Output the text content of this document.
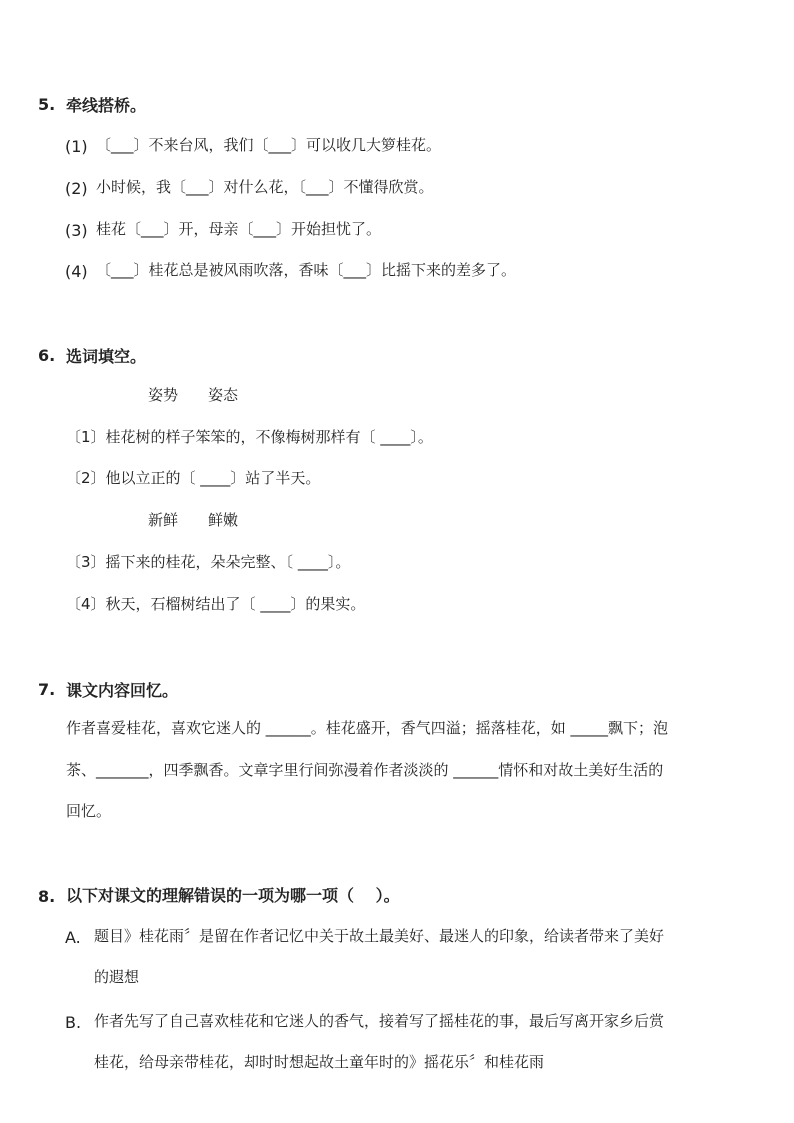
5. 牵线搭桥。
(1) 〔___〕不来台风，我们〔___〕可以收几大箩桂花。
(2) 小时候，我〔___〕对什么花，〔___〕不懂得欣赏。
(3) 桂花〔___〕开，母亲〔___〕开始担忧了。
(4) 〔___〕桂花总是被风雨吹落，香味〔___〕比摇下来的差多了。
6. 选词填空。
姿势　　姿态
〔1〕桂花树的样子笨笨的，不像梅树那样有〔 ____〕。
〔2〕他以立正的〔 ____〕站了半天。
新鲜　　鲜嫩
〔3〕摇下来的桂花，朵朵完整、〔 ____〕。
〔4〕秋天，石榴树结出了〔 ____〕的果实。
7. 课文内容回忆。
作者喜爱桂花，喜欢它迷人的 ______。桂花盛开，香气四溢；摇落桂花，如 _____飘下；泡
茶、_______，四季飘香。文章字里行间弥漫着作者淡淡的 ______情怀和对故土美好生活的
回忆。
8. 以下对课文的理解错误的一项为哪一项（　 ）。
A. 题目》桂花雨〞是留在作者记忆中关于故土最美好、最迷人的印象，给读者带来了美好
的遐想
B. 作者先写了自己喜欢桂花和它迷人的香气，接着写了摇桂花的事，最后写离开家乡后赏
桂花，给母亲带桂花，却时时想起故土童年时的》摇花乐〞和桂花雨
